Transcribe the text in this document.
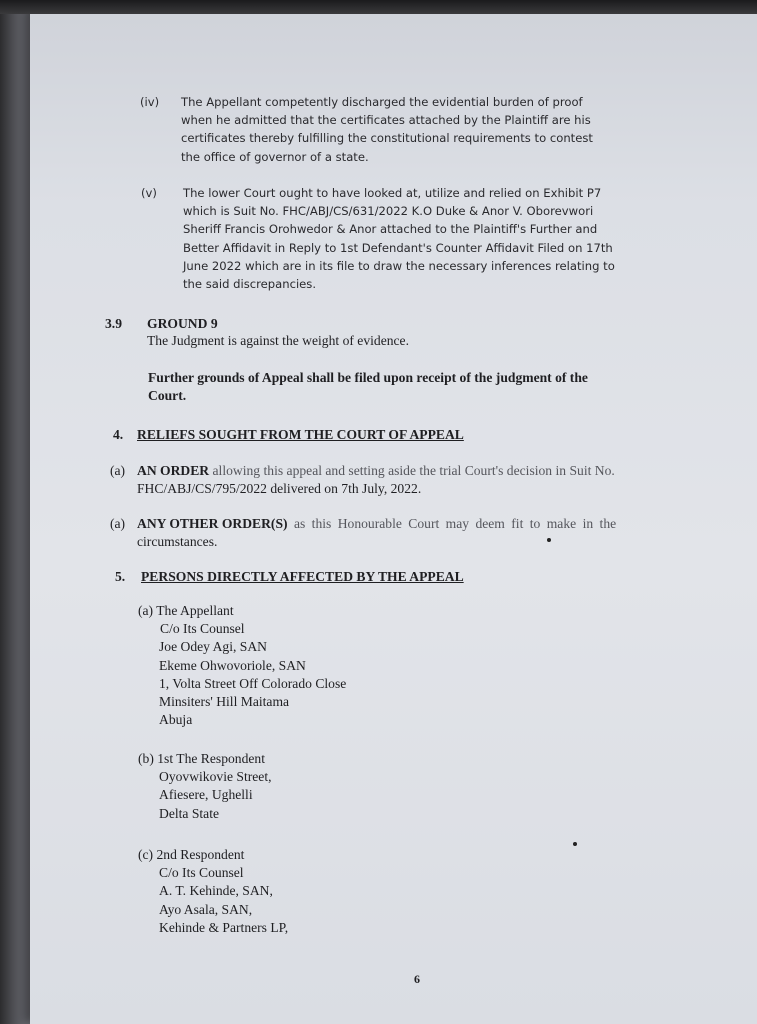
(iv) The Appellant competently discharged the evidential burden of proof
when he admitted that the certificates attached by the Plaintiff are his
certificates thereby fulfilling the constitutional requirements to contest
the office of governor of a state.
(v) The lower Court ought to have looked at, utilize and relied on Exhibit P7
which is Suit No. FHC/ABJ/CS/631/2022 K.O Duke & Anor V. Oborevwori
Sheriff Francis Orohwedor & Anor attached to the Plaintiff's Further and
Better Affidavit in Reply to 1st Defendant's Counter Affidavit Filed on 17th
June 2022 which are in its file to draw the necessary inferences relating to
the said discrepancies.
3.9 GROUND 9
The Judgment is against the weight of evidence.
Further grounds of Appeal shall be filed upon receipt of the judgment of the
Court.
4. RELIEFS SOUGHT FROM THE COURT OF APPEAL
(a) AN ORDER allowing this appeal and setting aside the trial Court's decision in Suit No.
FHC/ABJ/CS/795/2022 delivered on 7th July, 2022.
(a) ANY OTHER ORDER(S) as this Honourable Court may deem fit to make in the
circumstances.
5. PERSONS DIRECTLY AFFECTED BY THE APPEAL
(a) The Appellant
C/o Its Counsel
Joe Odey Agi, SAN
Ekeme Ohwovoriole, SAN
1, Volta Street Off Colorado Close
Minsiters' Hill Maitama
Abuja
(b) 1st The Respondent
Oyovwikovie Street,
Afiesere, Ughelli
Delta State
(c) 2nd Respondent
C/o Its Counsel
A. T. Kehinde, SAN,
Ayo Asala, SAN,
Kehinde & Partners LP,
6
